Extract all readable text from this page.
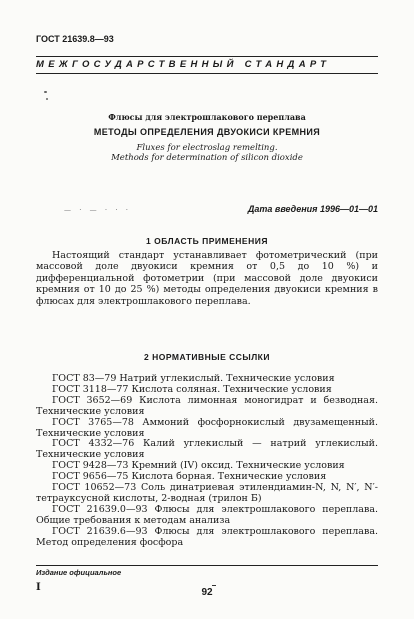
ГОСТ 21639.8—93
МЕЖГОСУДАРСТВЕННЫЙ СТАНДАРТ
Флюсы для электрошлакового переплава
МЕТОДЫ ОПРЕДЕЛЕНИЯ ДВУОКИСИ КРЕМНИЯ
Fluxes for electroslag remelting.
Methods for determination of silicon dioxide
— · — · · ·	Дата введения 1996—01—01
1 ОБЛАСТЬ ПРИМЕНЕНИЯ
Настоящий стандарт устанавливает фотометрический (при массовой доле двуокиси кремния от 0,5 до 10 %) и дифференциальной фотометрии (при массовой доле двуокиси кремния от 10 до 25 %) методы определения двуокиси кремния в флюсах для электрошлакового переплава.
2 НОРМАТИВНЫЕ ССЫЛКИ

ГОСТ 83—79 Натрий углекислый. Технические условия

ГОСТ 3118—77 Кислота соляная. Технические условия

ГОСТ 3652—69 Кислота лимонная моногидрат и безводная. Технические условия

ГОСТ 3765—78 Аммоний фосфорнокислый двузамещенный. Технические условия

ГОСТ 4332—76 Калий углекислый — натрий углекислый. Технические условия

ГОСТ 9428—73 Кремний (IV) оксид. Технические условия

ГОСТ 9656—75 Кислота борная. Технические условия

ГОСТ 10652—73 Соль динатриевая этилендиамин-N, N, N′, N′-тетрауксусной кислоты, 2-водная (трилон Б)

ГОСТ 21639.0—93 Флюсы для электрошлакового переплава. Общие требования к методам анализа

ГОСТ 21639.6—93 Флюсы для электрошлакового переплава. Метод определения фосфора

Издание официальное
I	92
